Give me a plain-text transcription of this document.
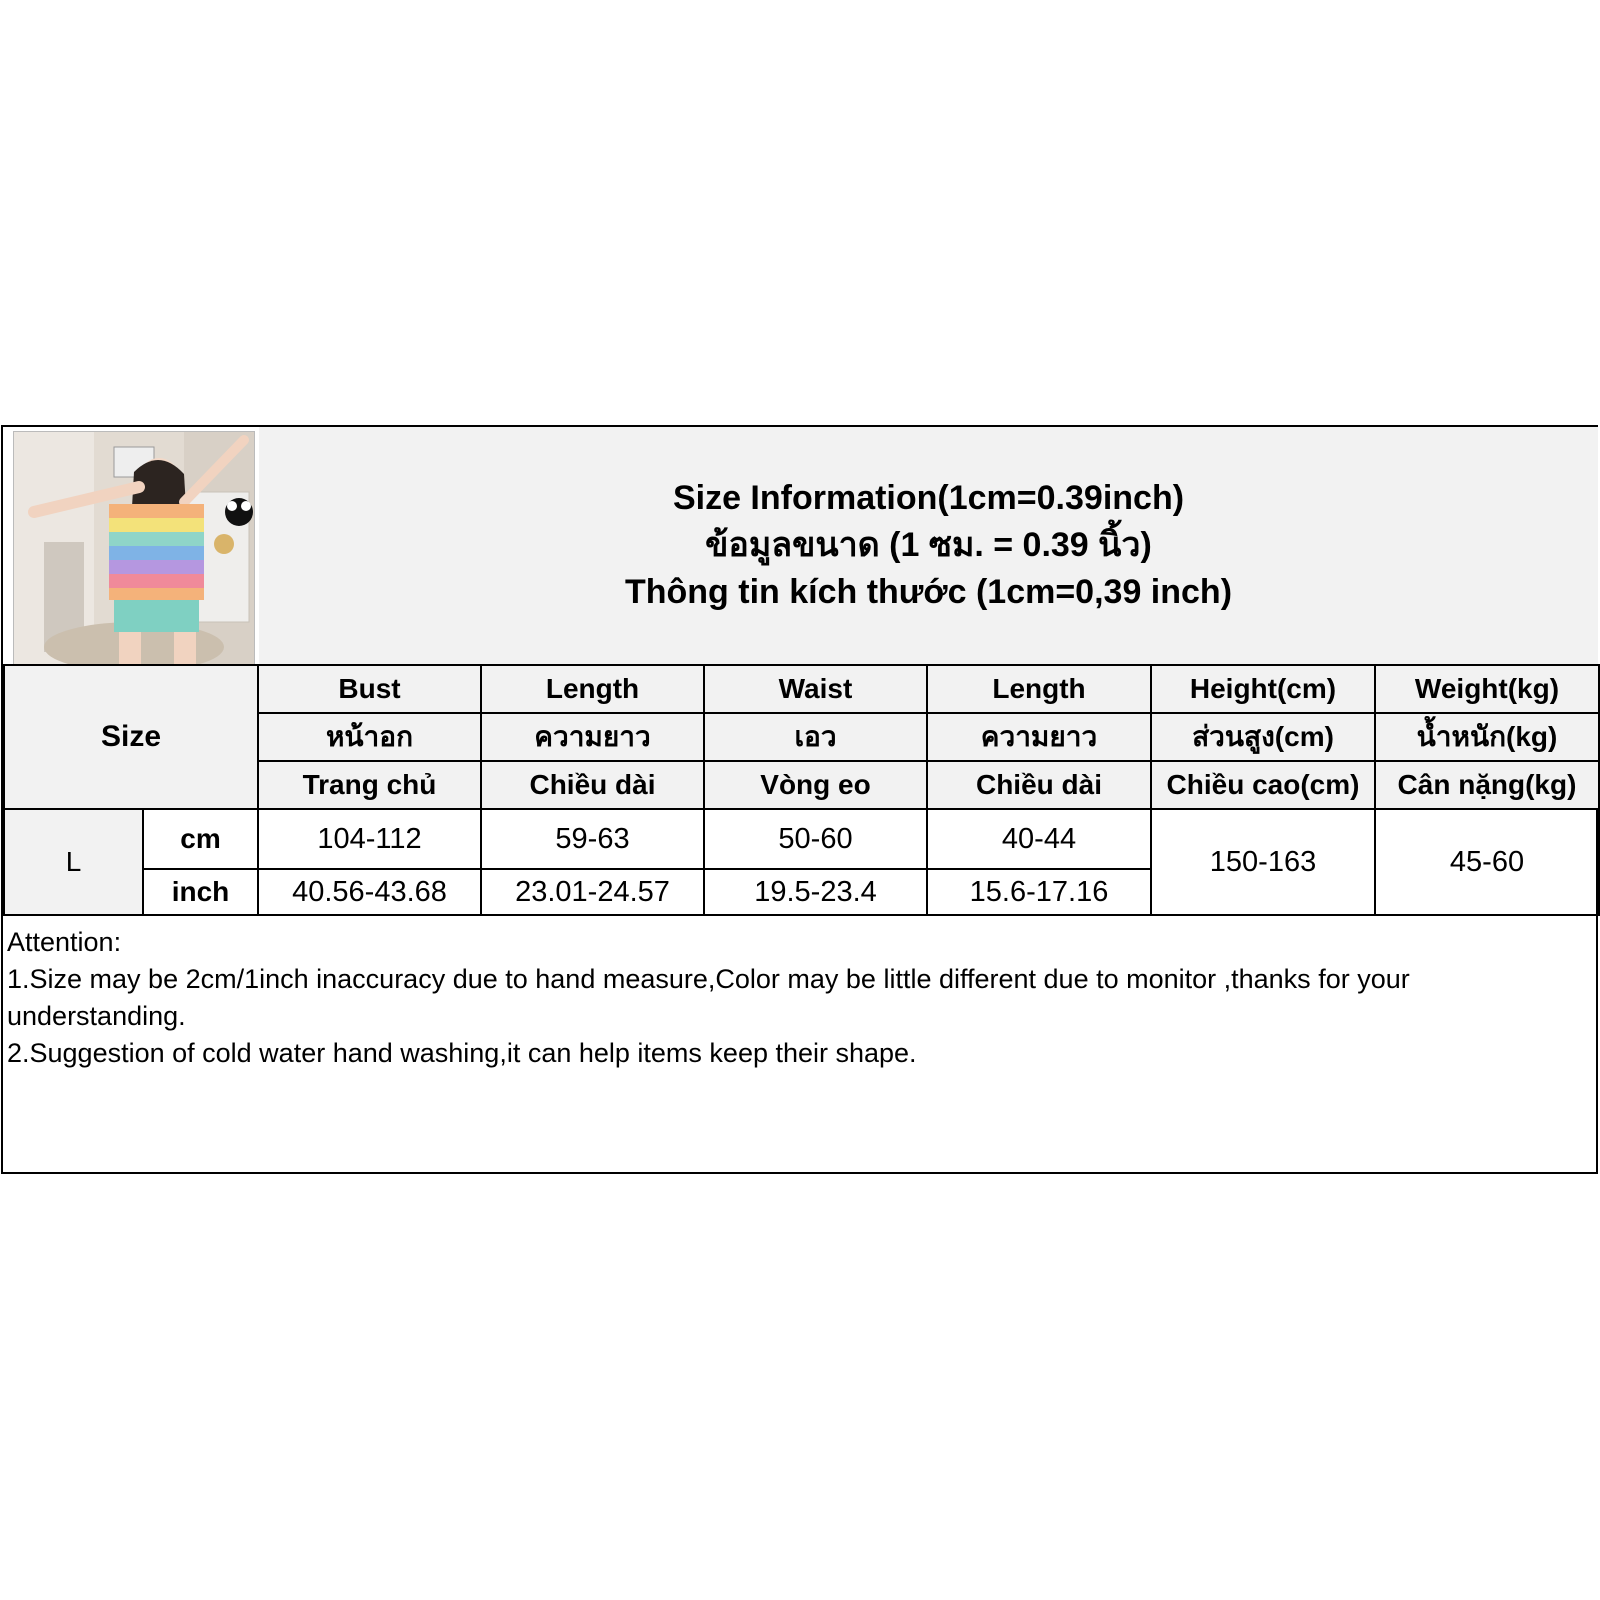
Size Information(1cm=0.39inch)
ข้อมูลขนาด (1 ซม. = 0.39 นิ้ว)
Thông tin kích thước (1cm=0,39 inch)
Size		Bust	Length	Waist	Length	Height(cm)	Weight(kg)
		หน้าอก	ความยาว	เอว	ความยาว	ส่วนสูง(cm)	น้ำหนัก(kg)
		Trang chủ	Chiều dài	Vòng eo	Chiều dài	Chiều cao(cm)	Cân nặng(kg)
L	cm	104-112	59-63	50-60	40-44	150-163	45-60
	inch	40.56-43.68	23.01-24.57	19.5-23.4	15.6-17.16		
Attention:
1.Size may be 2cm/1inch inaccuracy due to hand measure,Color may be little different due to monitor ,thanks for your understanding.
2.Suggestion of cold water hand washing,it can help items keep their shape.
